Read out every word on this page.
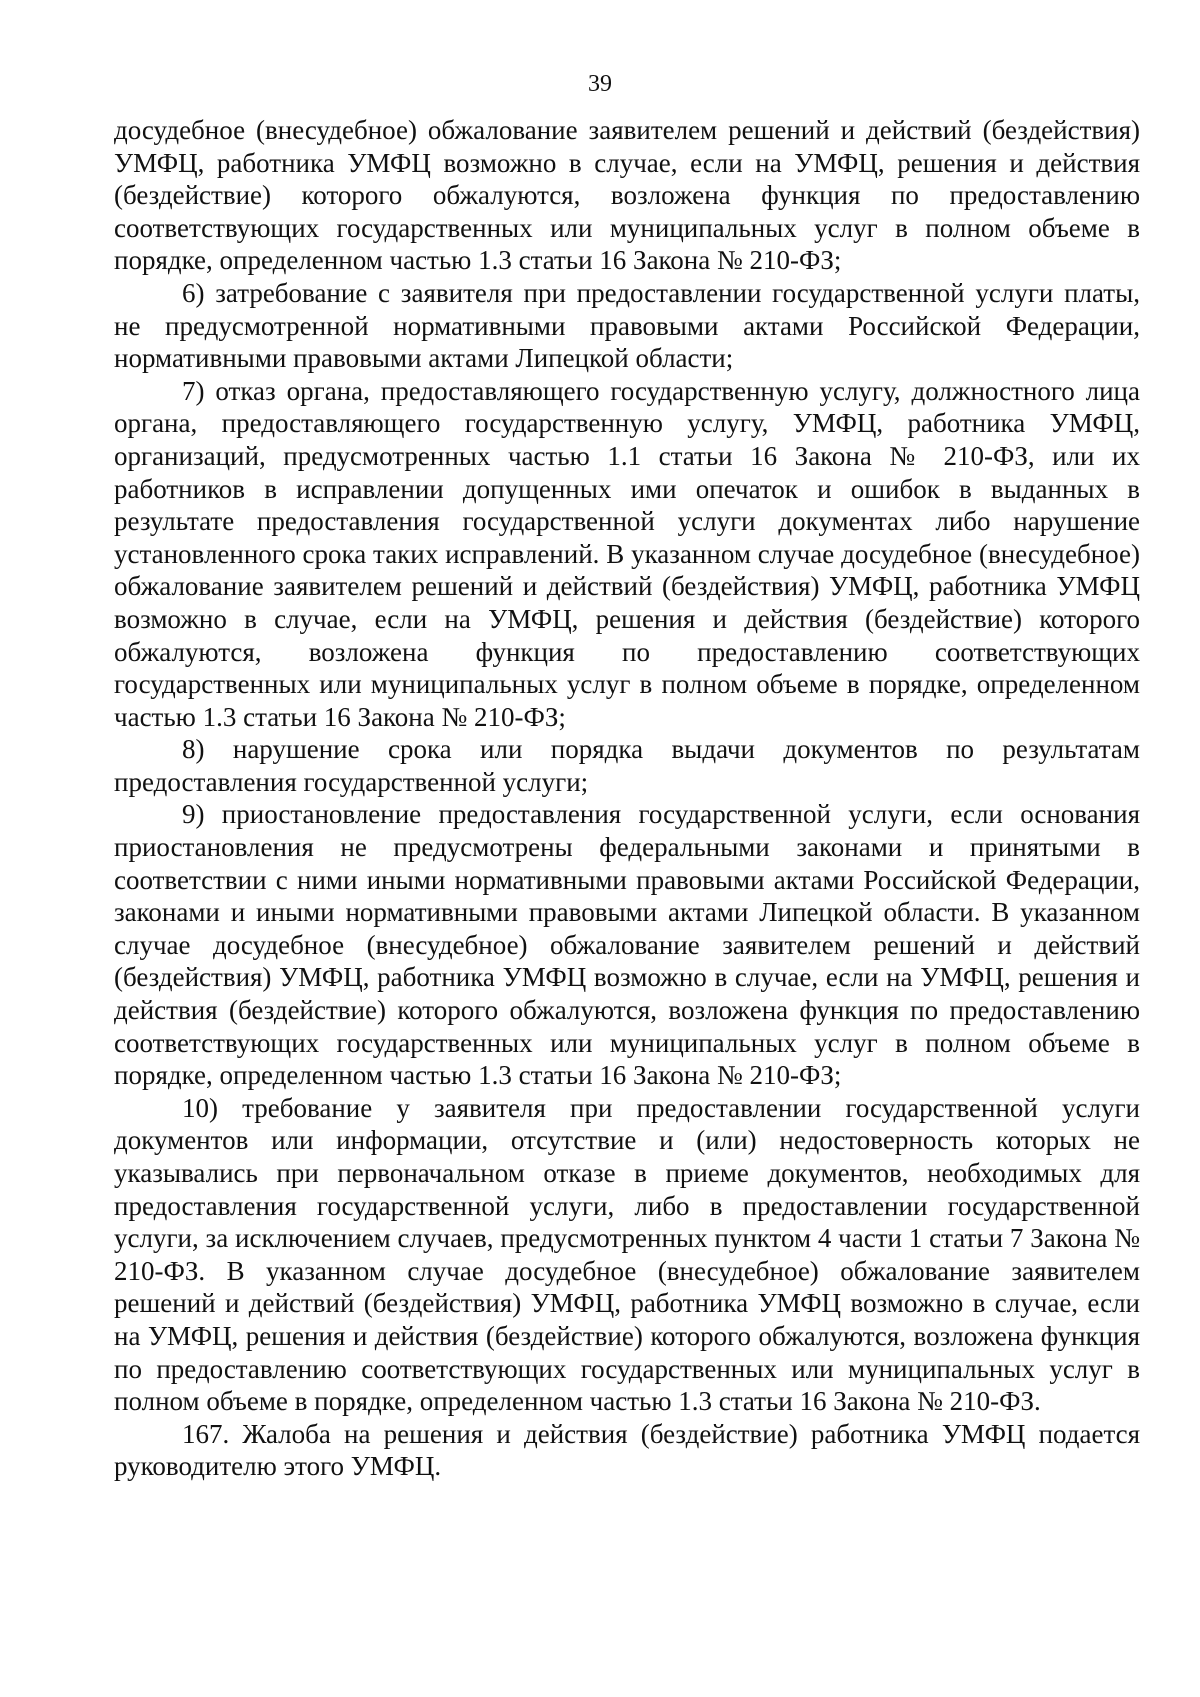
39

досудебное (внесудебное) обжалование заявителем решений и действий (бездействия) УМФЦ, работника УМФЦ возможно в случае, если на УМФЦ, решения и действия (бездействие) которого обжалуются, возложена функция по предоставлению соответствующих государственных или муниципальных услуг в полном объеме в порядке, определенном частью 1.3 статьи 16 Закона № 210-ФЗ;

6) затребование с заявителя при предоставлении государственной услуги платы, не предусмотренной нормативными правовыми актами Российской Федерации, нормативными правовыми актами Липецкой области;

7) отказ органа, предоставляющего государственную услугу, должностного лица органа, предоставляющего государственную услугу, УМФЦ, работника УМФЦ, организаций, предусмотренных частью 1.1 статьи 16 Закона № 210-ФЗ, или их работников в исправлении допущенных ими опечаток и ошибок в выданных в результате предоставления государственной услуги документах либо нарушение установленного срока таких исправлений. В указанном случае досудебное (внесудебное) обжалование заявителем решений и действий (бездействия) УМФЦ, работника УМФЦ возможно в случае, если на УМФЦ, решения и действия (бездействие) которого обжалуются, возложена функция по предоставлению соответствующих государственных или муниципальных услуг в полном объеме в порядке, определенном частью 1.3 статьи 16 Закона № 210-ФЗ;

8) нарушение срока или порядка выдачи документов по результатам предоставления государственной услуги;

9) приостановление предоставления государственной услуги, если основания приостановления не предусмотрены федеральными законами и принятыми в соответствии с ними иными нормативными правовыми актами Российской Федерации, законами и иными нормативными правовыми актами Липецкой области. В указанном случае досудебное (внесудебное) обжалование заявителем решений и действий (бездействия) УМФЦ, работника УМФЦ возможно в случае, если на УМФЦ, решения и действия (бездействие) которого обжалуются, возложена функция по предоставлению соответствующих государственных или муниципальных услуг в полном объеме в порядке, определенном частью 1.3 статьи 16 Закона № 210-ФЗ;

10) требование у заявителя при предоставлении государственной услуги документов или информации, отсутствие и (или) недостоверность которых не указывались при первоначальном отказе в приеме документов, необходимых для предоставления государственной услуги, либо в предоставлении государственной услуги, за исключением случаев, предусмотренных пунктом 4 части 1 статьи 7 Закона № 210-ФЗ. В указанном случае досудебное (внесудебное) обжалование заявителем решений и действий (бездействия) УМФЦ, работника УМФЦ возможно в случае, если на УМФЦ, решения и действия (бездействие) которого обжалуются, возложена функция по предоставлению соответствующих государственных или муниципальных услуг в полном объеме в порядке, определенном частью 1.3 статьи 16 Закона № 210-ФЗ.

167. Жалоба на решения и действия (бездействие) работника УМФЦ подается руководителю этого УМФЦ.
